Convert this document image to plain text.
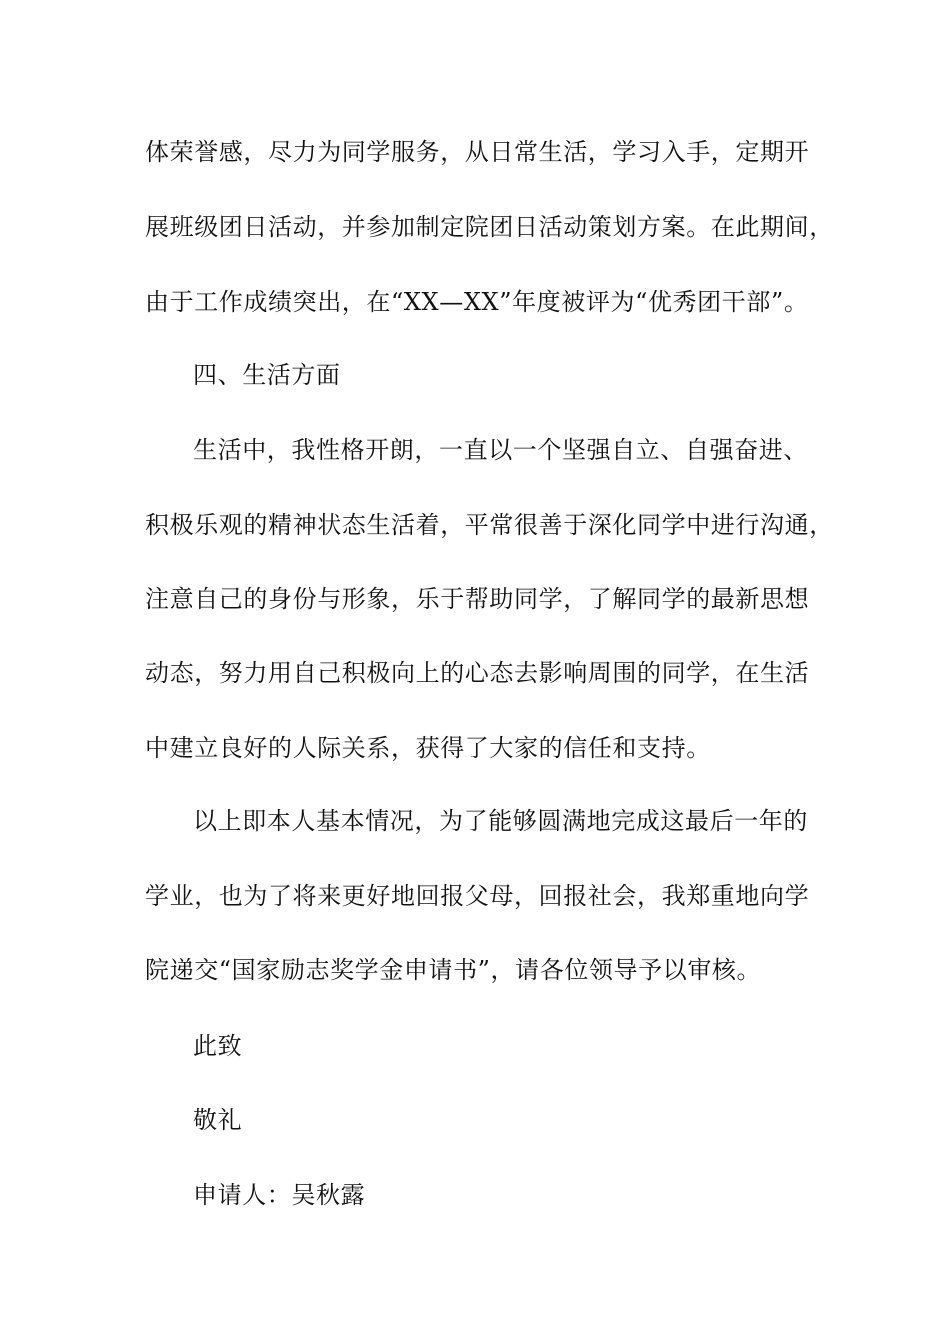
体荣誉感，尽力为同学服务，从日常生活，学习入手，定期开
展班级团日活动，并参加制定院团日活动策划方案。在此期间，
由于工作成绩突出，在“XX—XX”年度被评为“优秀团干部”。
四、生活方面
生活中，我性格开朗，一直以一个坚强自立、自强奋进、
积极乐观的精神状态生活着，平常很善于深化同学中进行沟通，
注意自己的身份与形象，乐于帮助同学，了解同学的最新思想
动态，努力用自己积极向上的心态去影响周围的同学，在生活
中建立良好的人际关系，获得了大家的信任和支持。
以上即本人基本情况，为了能够圆满地完成这最后一年的
学业，也为了将来更好地回报父母，回报社会，我郑重地向学
院递交“国家励志奖学金申请书”，请各位领导予以审核。
此致
敬礼
申请人：吴秋露
